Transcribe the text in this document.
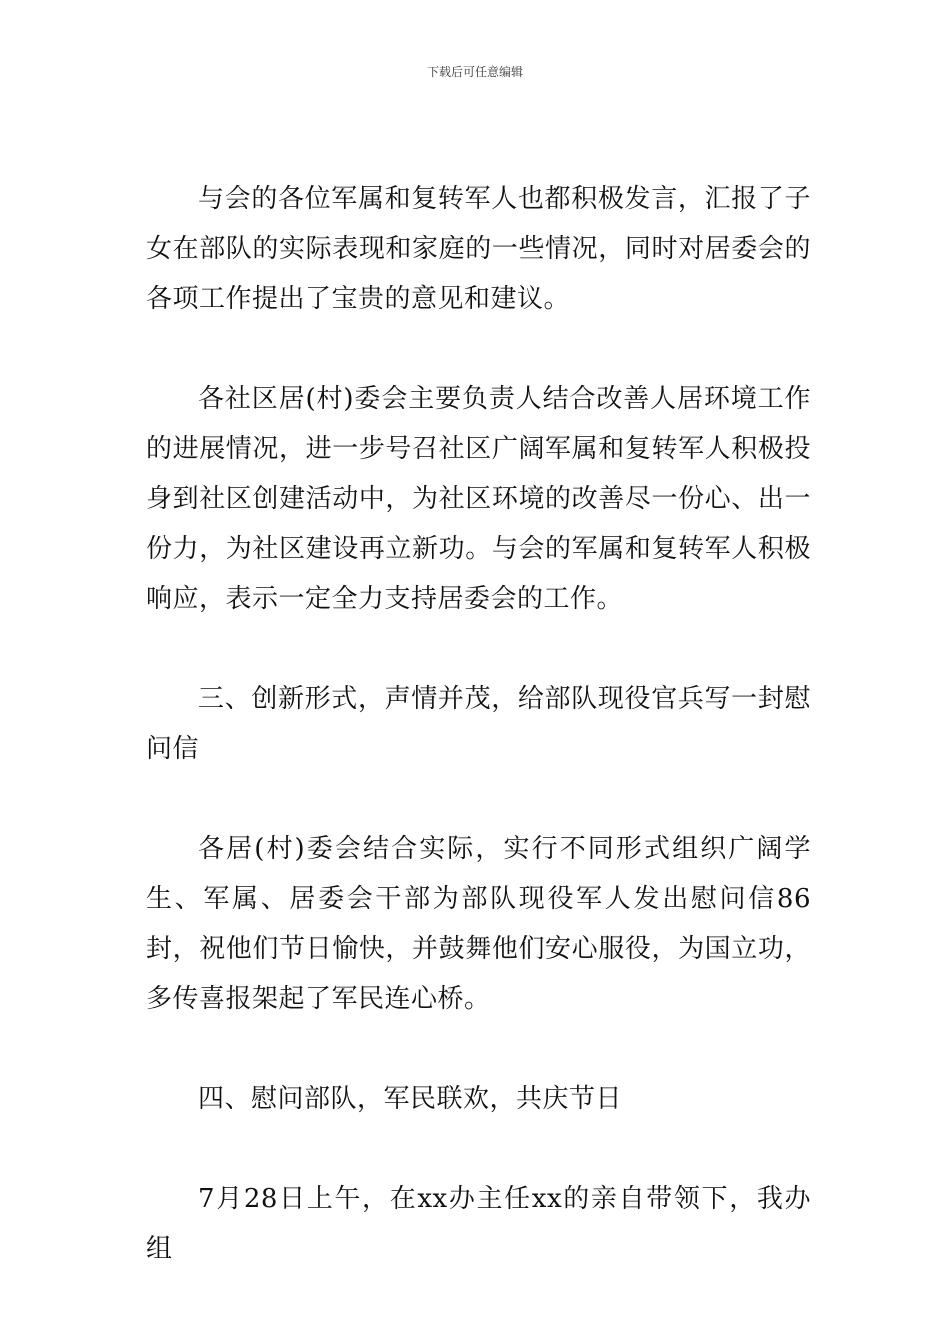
下载后可任意编辑

与会的各位军属和复转军人也都积极发言，汇报了子女在部队的实际表现和家庭的一些情况，同时对居委会的各项工作提出了宝贵的意见和建议。

各社区居(村)委会主要负责人结合改善人居环境工作的进展情况，进一步号召社区广阔军属和复转军人积极投身到社区创建活动中，为社区环境的改善尽一份心、出一份力，为社区建设再立新功。与会的军属和复转军人积极响应，表示一定全力支持居委会的工作。

三、创新形式，声情并茂，给部队现役官兵写一封慰问信

各居(村)委会结合实际，实行不同形式组织广阔学生、军属、居委会干部为部队现役军人发出慰问信86封，祝他们节日愉快，并鼓舞他们安心服役，为国立功，多传喜报架起了军民连心桥。

四、慰问部队，军民联欢，共庆节日

7月28日上午，在xx办主任xx的亲自带领下，我办组
